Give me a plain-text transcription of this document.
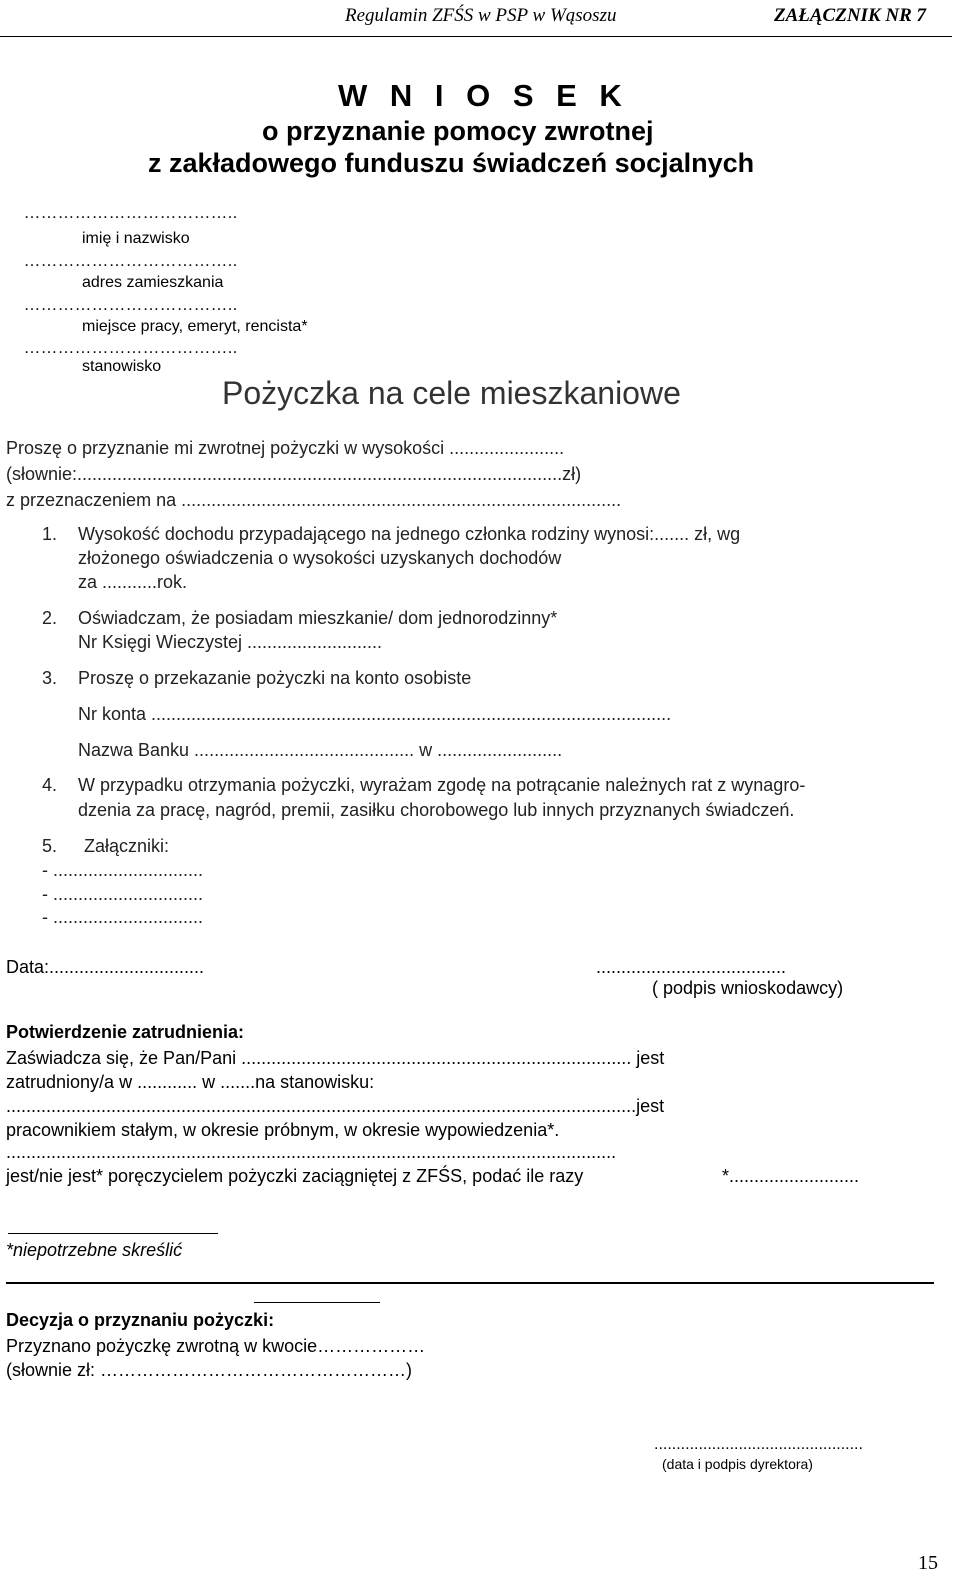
Regulamin ZFŚS w PSP w Wąsoszu	ZAŁĄCZNIK NR 7
W N I O S E K
o przyznanie pomocy zwrotnej
z zakładowego funduszu świadczeń socjalnych
………………………………..
imię i nazwisko
………………………………..
adres zamieszkania
………………………………..
miejsce pracy, emeryt, rencista*
………………………………..
stanowisko
Pożyczka na cele mieszkaniowe
Proszę o przyznanie mi zwrotnej pożyczki w wysokości .......................
(słownie:.................................................................................................zł)
z przeznaczeniem na ........................................................................................
1. Wysokość dochodu przypadającego na jednego członka rodziny wynosi:....... zł, wg
złożonego oświadczenia o wysokości uzyskanych dochodów
za ...........rok.
2. Oświadczam, że posiadam mieszkanie/ dom jednorodzinny*
Nr Księgi Wieczystej ...........................
3. Proszę o przekazanie pożyczki na konto osobiste
Nr konta ........................................................................................................
Nazwa Banku ............................................ w .........................
4. W przypadku otrzymania pożyczki, wyrażam zgodę na potrącanie należnych rat z wynagro-
dzenia za pracę, nagród, premii, zasiłku chorobowego lub innych przyznanych świadczeń.
5. Załączniki:
- ..............................
- ..............................
- ..............................
Data:...............................	......................................
( podpis wnioskodawcy)
Potwierdzenie zatrudnienia:
Zaświadcza się, że Pan/Pani .............................................................................. jest
zatrudniony/a w ............ w .......na stanowisku:
..............................................................................................................................jest
pracownikiem stałym, w okresie próbnym, w okresie wypowiedzenia*.
..........................................................................................................................
jest/nie jest* poręczycielem pożyczki zaciągniętej z ZFŚS, podać ile razy	*..........................
*niepotrzebne skreślić
Decyzja o przyznaniu pożyczki:
Przyznano pożyczkę zwrotną w kwocie………………
(słownie zł: ……………………………………………)
...............................................
(data i podpis dyrektora)
15
